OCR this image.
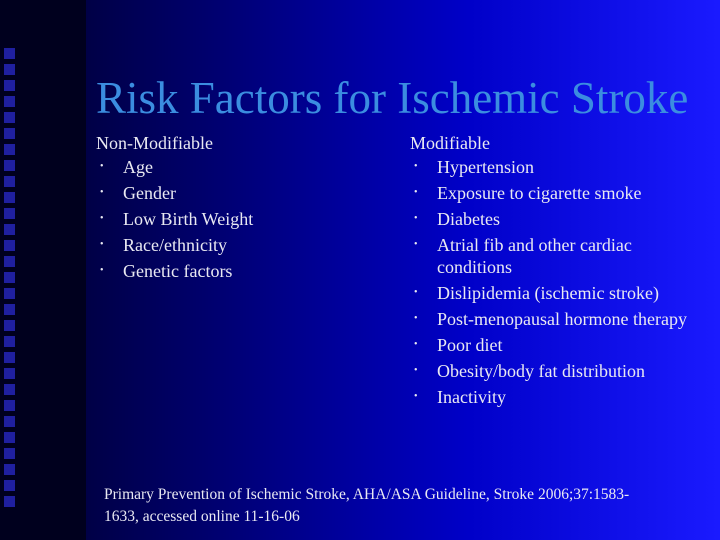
Risk Factors for Ischemic Stroke
Non-Modifiable
• Age
• Gender
• Low Birth Weight
• Race/ethnicity
• Genetic factors
Modifiable
• Hypertension
• Exposure to cigarette smoke
• Diabetes
• Atrial fib and other cardiac conditions
• Dislipidemia (ischemic stroke)
• Post-menopausal hormone therapy
• Poor diet
• Obesity/body fat distribution
• Inactivity
Primary Prevention of Ischemic Stroke, AHA/ASA Guideline, Stroke 2006;37:1583-1633, accessed online 11-16-06
